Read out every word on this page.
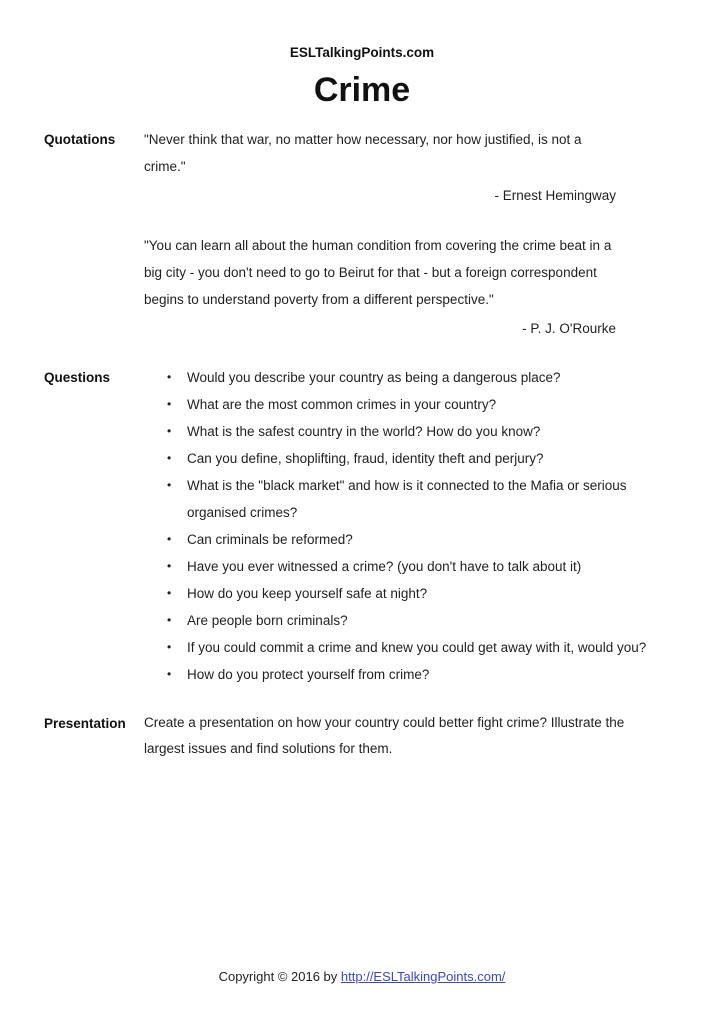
ESLTalkingPoints.com
Crime
Quotations	"Never think that war, no matter how necessary, nor how justified, is not a crime."
- Ernest Hemingway
"You can learn all about the human condition from covering the crime beat in a big city - you don't need to go to Beirut for that - but a foreign correspondent begins to understand poverty from a different perspective."
- P. J. O'Rourke
Questions	•	Would you describe your country as being a dangerous place?
•	What are the most common crimes in your country?
•	What is the safest country in the world? How do you know?
•	Can you define, shoplifting, fraud, identity theft and perjury?
•	What is the "black market" and how is it connected to the Mafia or serious organised crimes?
•	Can criminals be reformed?
•	Have you ever witnessed a crime? (you don't have to talk about it)
•	How do you keep yourself safe at night?
•	Are people born criminals?
•	If you could commit a crime and knew you could get away with it, would you?
•	How do you protect yourself from crime?
Presentation	Create a presentation on how your country could better fight crime? Illustrate the largest issues and find solutions for them.
Copyright © 2016 by http://ESLTalkingPoints.com/
